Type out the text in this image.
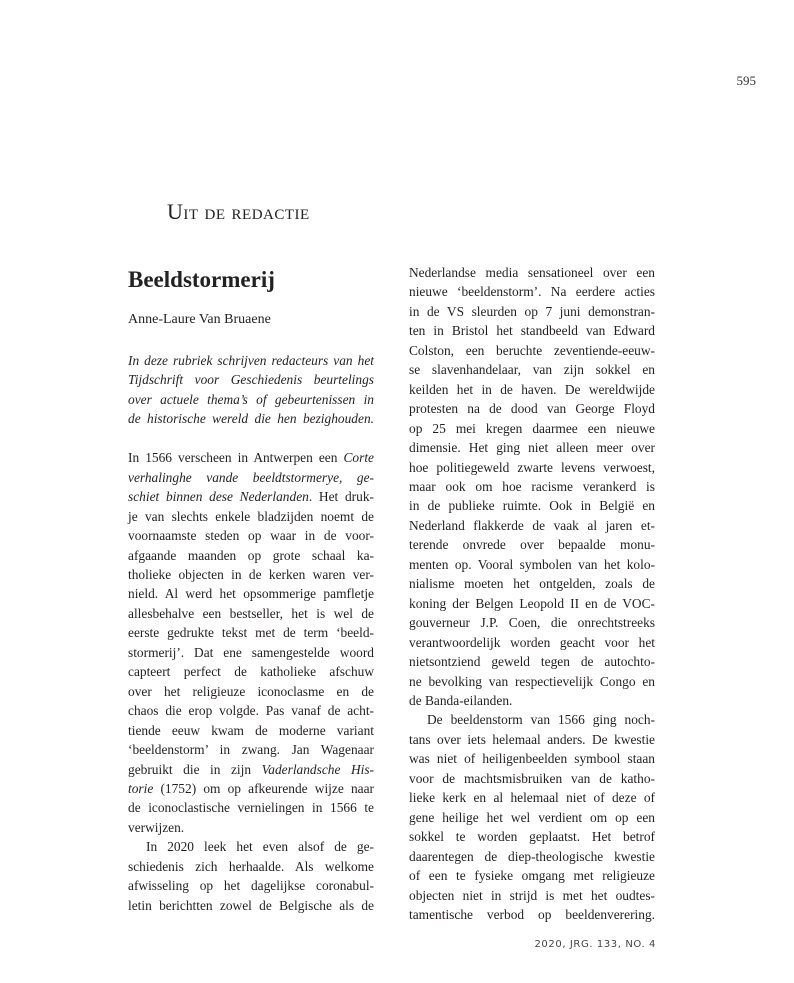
595
Uit de redactie
Beeldstormerij
Anne-Laure Van Bruaene

In deze rubriek schrijven redacteurs van het
Tijdschrift voor Geschiedenis beurtelings
over actuele thema’s of gebeurtenissen in
de historische wereld die hen bezighouden.

In 1566 verscheen in Antwerpen een Corte
verhalinghe vande beeldtstormerye, ge-
schiet binnen dese Nederlanden. Het druk-
je van slechts enkele bladzijden noemt de
voornaamste steden op waar in de voor-
afgaande maanden op grote schaal ka-
tholieke objecten in de kerken waren ver-
nield. Al werd het opsommerige pamfletje
allesbehalve een bestseller, het is wel de
eerste gedrukte tekst met de term ‘beeld-
stormerij’. Dat ene samengestelde woord
capteert perfect de katholieke afschuw
over het religieuze iconoclasme en de
chaos die erop volgde. Pas vanaf de acht-
tiende eeuw kwam de moderne variant
‘beeldenstorm’ in zwang. Jan Wagenaar
gebruikt die in zijn Vaderlandsche His-
torie (1752) om op afkeurende wijze naar
de iconoclastische vernielingen in 1566 te
verwijzen.
In 2020 leek het even alsof de ge-
schiedenis zich herhaalde. Als welkome
afwisseling op het dagelijkse coronabul-
letin berichtten zowel de Belgische als de
Nederlandse media sensationeel over een
nieuwe ‘beeldenstorm’. Na eerdere acties
in de VS sleurden op 7 juni demonstran-
ten in Bristol het standbeeld van Edward
Colston, een beruchte zeventiende-eeuw-
se slavenhandelaar, van zijn sokkel en
keilden het in de haven. De wereldwijde
protesten na de dood van George Floyd
op 25 mei kregen daarmee een nieuwe
dimensie. Het ging niet alleen meer over
hoe politiegeweld zwarte levens verwoest,
maar ook om hoe racisme verankerd is
in de publieke ruimte. Ook in België en
Nederland flakkerde de vaak al jaren et-
terende onvrede over bepaalde monu-
menten op. Vooral symbolen van het kolo-
nialisme moeten het ontgelden, zoals de
koning der Belgen Leopold II en de VOC-
gouverneur J.P. Coen, die onrechtstreeks
verantwoordelijk worden geacht voor het
nietsontziend geweld tegen de autochto-
ne bevolking van respectievelijk Congo en
de Banda-eilanden.
De beeldenstorm van 1566 ging noch-
tans over iets helemaal anders. De kwestie
was niet of heiligenbeelden symbool staan
voor de machtsmisbruiken van de katho-
lieke kerk en al helemaal niet of deze of
gene heilige het wel verdient om op een
sokkel te worden geplaatst. Het betrof
daarentegen de diep-theologische kwestie
of een te fysieke omgang met religieuze
objecten niet in strijd is met het oudtes-
tamentische verbod op beeldenverering.
2020, JRG. 133, NO. 4
